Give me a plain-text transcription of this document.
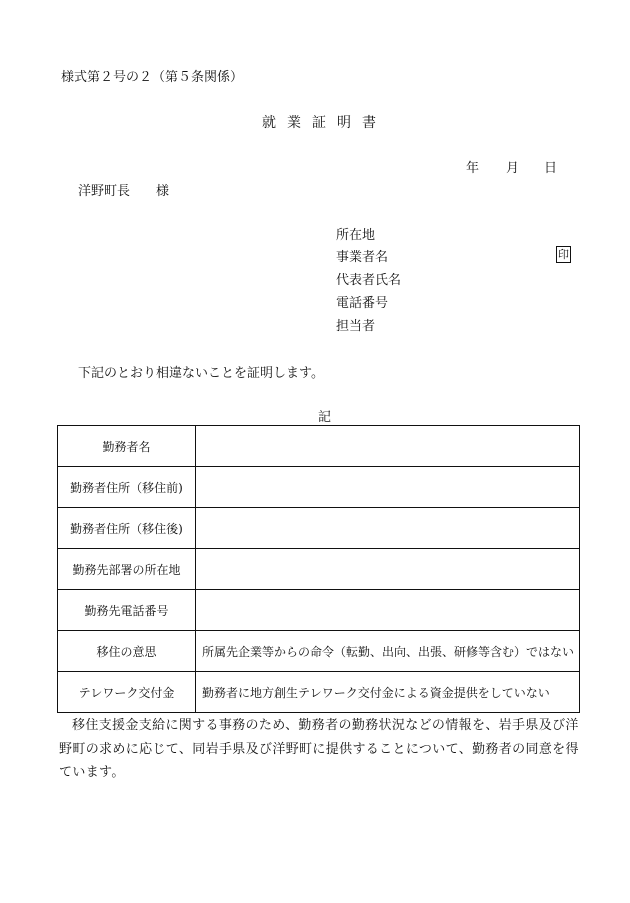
様式第２号の２（第５条関係）
就業証明書
年 月 日
洋野町長 様
所在地
事業者名	印
代表者氏名
電話番号
担当者
下記のとおり相違ないことを証明します。
記
勤務者名	
勤務者住所（移住前)	
勤務者住所（移住後)	
勤務先部署の所在地	
勤務先電話番号	
移住の意思	所属先企業等からの命令（転勤、出向、出張、研修等含む）ではない
テレワーク交付金	勤務者に地方創生テレワーク交付金による資金提供をしていない
移住支援金支給に関する事務のため、勤務者の勤務状況などの情報を、岩手県及び洋野町の求めに応じて、同岩手県及び洋野町に提供することについて、勤務者の同意を得ています。
